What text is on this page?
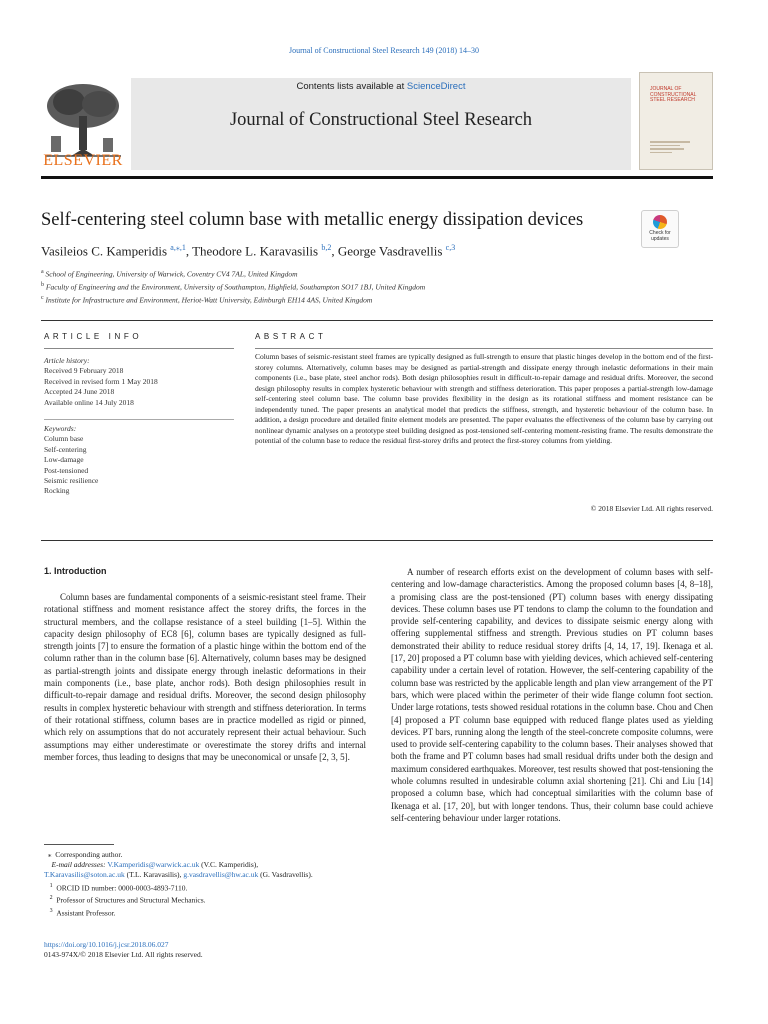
Journal of Constructional Steel Research 149 (2018) 14–30
ELSEVIER
Contents lists available at ScienceDirect
Journal of Constructional Steel Research
JOURNAL OF CONSTRUCTIONAL STEEL RESEARCH
Self-centering steel column base with metallic energy dissipation devices
Check for updates
Vasileios C. Kamperidis $^{a,⁎,1}$, Theodore L. Karavasilis $^{b,2}$, George Vasdravellis $^{c,3}$
$^a$ School of Engineering, University of Warwick, Coventry CV4 7AL, United Kingdom
$^b$ Faculty of Engineering and the Environment, University of Southampton, Highfield, Southampton SO17 1BJ, United Kingdom
$^c$ Institute for Infrastructure and Environment, Heriot-Watt University, Edinburgh EH14 4AS, United Kingdom
ARTICLE INFO	ABSTRACT
Article history:
Received 9 February 2018
Received in revised form 1 May 2018
Accepted 24 June 2018
Available online 14 July 2018
Keywords:
Column base
Self-centering
Low-damage
Post-tensioned
Seismic resilience
Rocking
Column bases of seismic-resistant steel frames are typically designed as full-strength to ensure that plastic hinges develop in the bottom end of the first-storey columns. Alternatively, column bases may be designed as partial-strength and dissipate energy through inelastic deformations in their main components (i.e., base plate, steel anchor rods). Both design philosophies result in difficult-to-repair damage and residual drifts. Moreover, the second design philosophy results in complex hysteretic behaviour with strength and stiffness deterioration. This paper proposes a partial-strength low-damage self-centering steel column base. The column base provides flexibility in the design as its rotational stiffness and moment resistance can be independently tuned. The paper presents an analytical model that predicts the stiffness, strength, and hysteretic behaviour of the column base. In addition, a design procedure and detailed finite element models are presented. The paper evaluates the effectiveness of the column base by carrying out nonlinear dynamic analyses on a prototype steel building designed as post-tensioned self-centering moment-resisting frame. The results demonstrate the potential of the column base to reduce the residual first-storey drifts and protect the first-storey columns from yielding.
© 2018 Elsevier Ltd. All rights reserved.
1. Introduction

Column bases are fundamental components of a seismic-resistant steel frame. Their rotational stiffness and moment resistance affect the storey drifts, the forces in the structural members, and the collapse resistance of a steel building [1–5]. Within the capacity design philosophy of EC8 [6], column bases are typically designed as full-strength joints [7] to ensure the formation of a plastic hinge within the bottom end of the column rather than in the column base [6]. Alternatively, column bases may be designed as partial-strength joints and dissipate energy through inelastic deformations in their main components (i.e., base plate, anchor rods). Both design philosophies result in difficult-to-repair damage and residual drifts. Moreover, the second design philosophy results in complex hysteretic behaviour with strength and stiffness deterioration. In terms of their rotational stiffness, column bases are in practice modelled as rigid or pinned, which rely on assumptions that do not accurately represent their actual behaviour. Such assumptions may either underestimate or overestimate the storey drifts and internal member forces, thus leading to designs that may be uneconomical or unsafe [2, 3, 5].

A number of research efforts exist on the development of column bases with self-centering and low-damage characteristics. Among the proposed column bases [4, 8–18], a promising class are the post-tensioned (PT) column bases with energy dissipating devices. These column bases use PT tendons to clamp the column to the foundation and provide self-centering capability, and devices to dissipate seismic energy along with offering supplemental stiffness and strength. Previous studies on PT column bases demonstrated their ability to reduce residual storey drifts [4, 14, 17, 19]. Ikenaga et al. [17, 20] proposed a PT column base with yielding devices, which achieved self-centering capability under a certain level of rotation. However, the self-centering capability of the column base was restricted by the applicable length and plan view arrangement of the PT bars, which were placed within the perimeter of their wide flange column foot section. Under large rotations, tests showed residual rotations in the column base. Chou and Chen [4] proposed a PT column base equipped with reduced flange plates used as yielding devices. PT bars, running along the length of the steel-concrete composite columns, were used to provide self-centering capability to the column bases. Their analyses showed that both the frame and PT column bases had small residual drifts under both the design and maximum considered earthquakes. Moreover, test results showed that post-tensioning the whole columns resulted in undesirable column axial shortening [21]. Chi and Liu [14] proposed a column base, which had conceptual similarities with the column base of Ikenaga et al. [17, 20], but with longer tendons. Thus, their column base could achieve self-centering behaviour under larger rotations.

⁎  Corresponding author.
E-mail addresses: V.Kamperidis@warwick.ac.uk (V.C. Kamperidis),
T.Karavasilis@soton.ac.uk (T.L. Karavasilis), g.vasdravellis@hw.ac.uk (G. Vasdravellis).
$^1$ ORCID ID number: 0000-0003-4893-7110.
$^2$ Professor of Structures and Structural Mechanics.
$^3$ Assistant Professor.
https://doi.org/10.1016/j.jcsr.2018.06.027
0143-974X/© 2018 Elsevier Ltd. All rights reserved.
